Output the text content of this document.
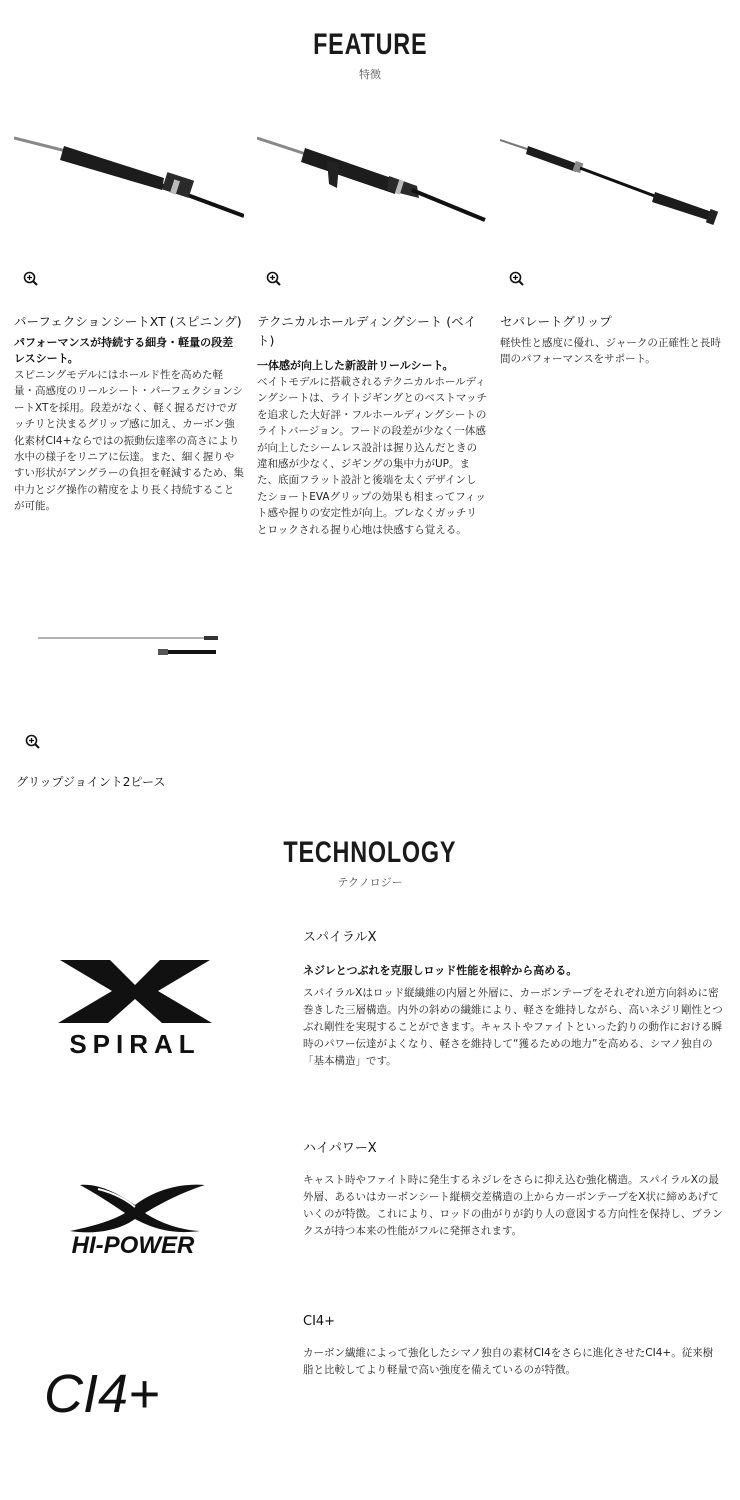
FEATURE
特徴
パーフェクションシートXT (スピニング)
パフォーマンスが持続する細身・軽量の段差レスシート。
スピニングモデルにはホールド性を高めた軽量・高感度のリールシート・パーフェクションシートXTを採用。段差がなく、軽く握るだけでガッチリと決まるグリップ感に加え、カーボン強化素材CI4+ならではの振動伝達率の高さにより水中の様子をリニアに伝達。また、細く握りやすい形状がアングラーの負担を軽減するため、集中力とジグ操作の精度をより長く持続することが可能。
テクニカルホールディングシート (ベイト)
一体感が向上した新設計リールシート。
ベイトモデルに搭載されるテクニカルホールディングシートは、ライトジギングとのベストマッチを追求した大好評・フルホールディングシートのライトバージョン。フードの段差が少なく一体感が向上したシームレス設計は握り込んだときの違和感が少なく、ジギングの集中力がUP。また、底面フラット設計と後端を太くデザインしたショートEVAグリップの効果も相まってフィット感や握りの安定性が向上。ブレなくガッチリとロックされる握り心地は快感すら覚える。
セパレートグリップ
軽快性と感度に優れ、ジャークの正確性と長時間のパフォーマンスをサポート。
グリップジョイント2ピース
TECHNOLOGY
テクノロジー
SPIRAL
スパイラルX
ネジレとつぶれを克服しロッド性能を根幹から高める。
スパイラルXはロッド縦繊維の内層と外層に、カーボンテープをそれぞれ逆方向斜めに密巻きした三層構造。内外の斜めの繊維により、軽さを維持しながら、高いネジリ剛性とつぶれ剛性を実現することができます。キャストやファイトといった釣りの動作における瞬時のパワー伝達がよくなり、軽さを維持して“獲るための地力”を高める、シマノ独自の「基本構造」です。
HI-POWER
ハイパワーX
キャスト時やファイト時に発生するネジレをさらに抑え込む強化構造。スパイラルXの最外層、あるいはカーボンシート縦横交差構造の上からカーボンテープをX状に締めあげていくのが特徴。これにより、ロッドの曲がりが釣り人の意図する方向性を保持し、ブランクスが持つ本来の性能がフルに発揮されます。
CI4+
CI4+
カーボン繊維によって強化したシマノ独自の素材CI4をさらに進化させたCI4+。従来樹脂と比較してより軽量で高い強度を備えているのが特徴。
